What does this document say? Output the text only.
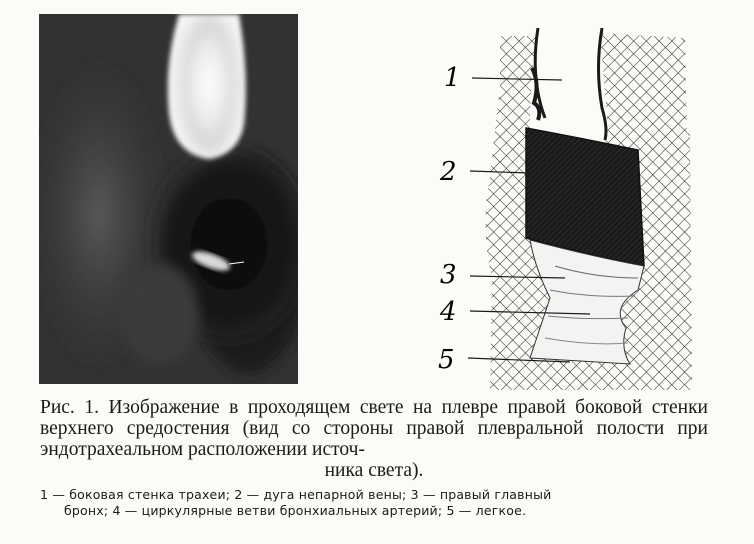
1
2
3
4
5
Рис. 1. Изображение в проходящем свете на плевре правой боковой стенки верхнего средостения (вид со стороны правой плевральной полости при эндотрахеальном расположении источ-
ника света).
1 — боковая стенка трахеи; 2 — дуга непарной вены; 3 — правый главный
бронх; 4 — циркулярные ветви бронхиальных артерий; 5 — легкое.
